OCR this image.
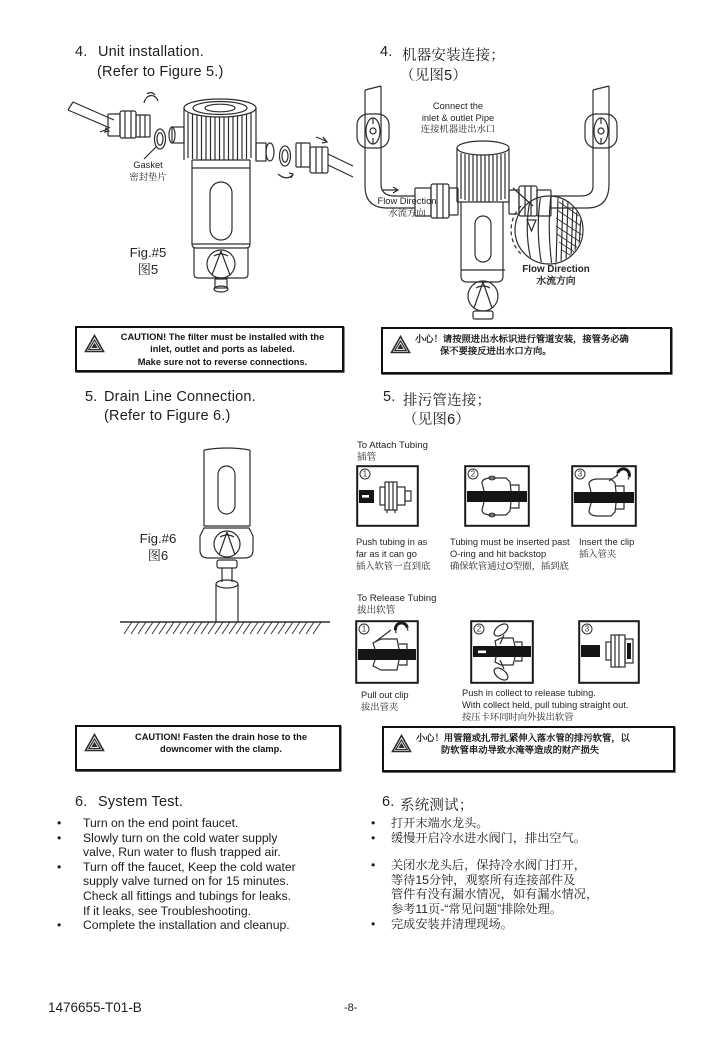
4. Unit installation.
(Refer to Figure 5.)
4. 机器安装连接；
（见图5）
Gasket
密封垫片
Fig.#5
图5
Connect the
inlet & outlet Pipe
连接机器进出水口
Flow Direction
水流方向
Flow Direction
水流方向
CAUTION! The filter must be installed with the
inlet, outlet and ports as labeled.
Make sure not to reverse connections.
小心！请按照进出水标识进行管道安装，接管务必确
保不要接反进出水口方向。
5. Drain Line Connection.
(Refer to Figure 6.)
5. 排污管连接；
（见图6）
Fig.#6
图6
To Attach Tubing
插管
1	2	3
Push tubing in as
far as it can go
插入软管一直到底
Tubing must be inserted past
O-ring and hit backstop
确保软管通过O型圈，插到底
Insert the clip
插入管夹
To Release Tubing
拔出软管
1	2	3
Pull out clip
拔出管夹
Push in collect to release tubing.
With collect held, pull tubing straight out.
按压卡环同时向外拔出软管
CAUTION! Fasten the drain hose to the
downcomer with the clamp.
小心！用管箍或扎带扎紧伸入落水管的排污软管，以
防软管串动导致水淹等造成的财产损失
6. System Test.	6. 系统测试；
•	Turn on the end point faucet.
•	Slowly turn on the cold water supply
valve, Run water to flush trapped air.
•	Turn off the faucet, Keep the cold water
supply valve turned on for 15 minutes.
Check all fittings and tubings for leaks.
If it leaks, see Troubleshooting.
•	Complete the installation and cleanup.
•	打开末端水龙头。
•	缓慢开启冷水进水阀门，排出空气。
•	关闭水龙头后，保持冷水阀门打开，
等待15分钟，观察所有连接部件及
管件有没有漏水情况，如有漏水情况，
参考11页-“常见问题”排除处理。
•	完成安装并清理现场。
1476655-T01-B	-8-
